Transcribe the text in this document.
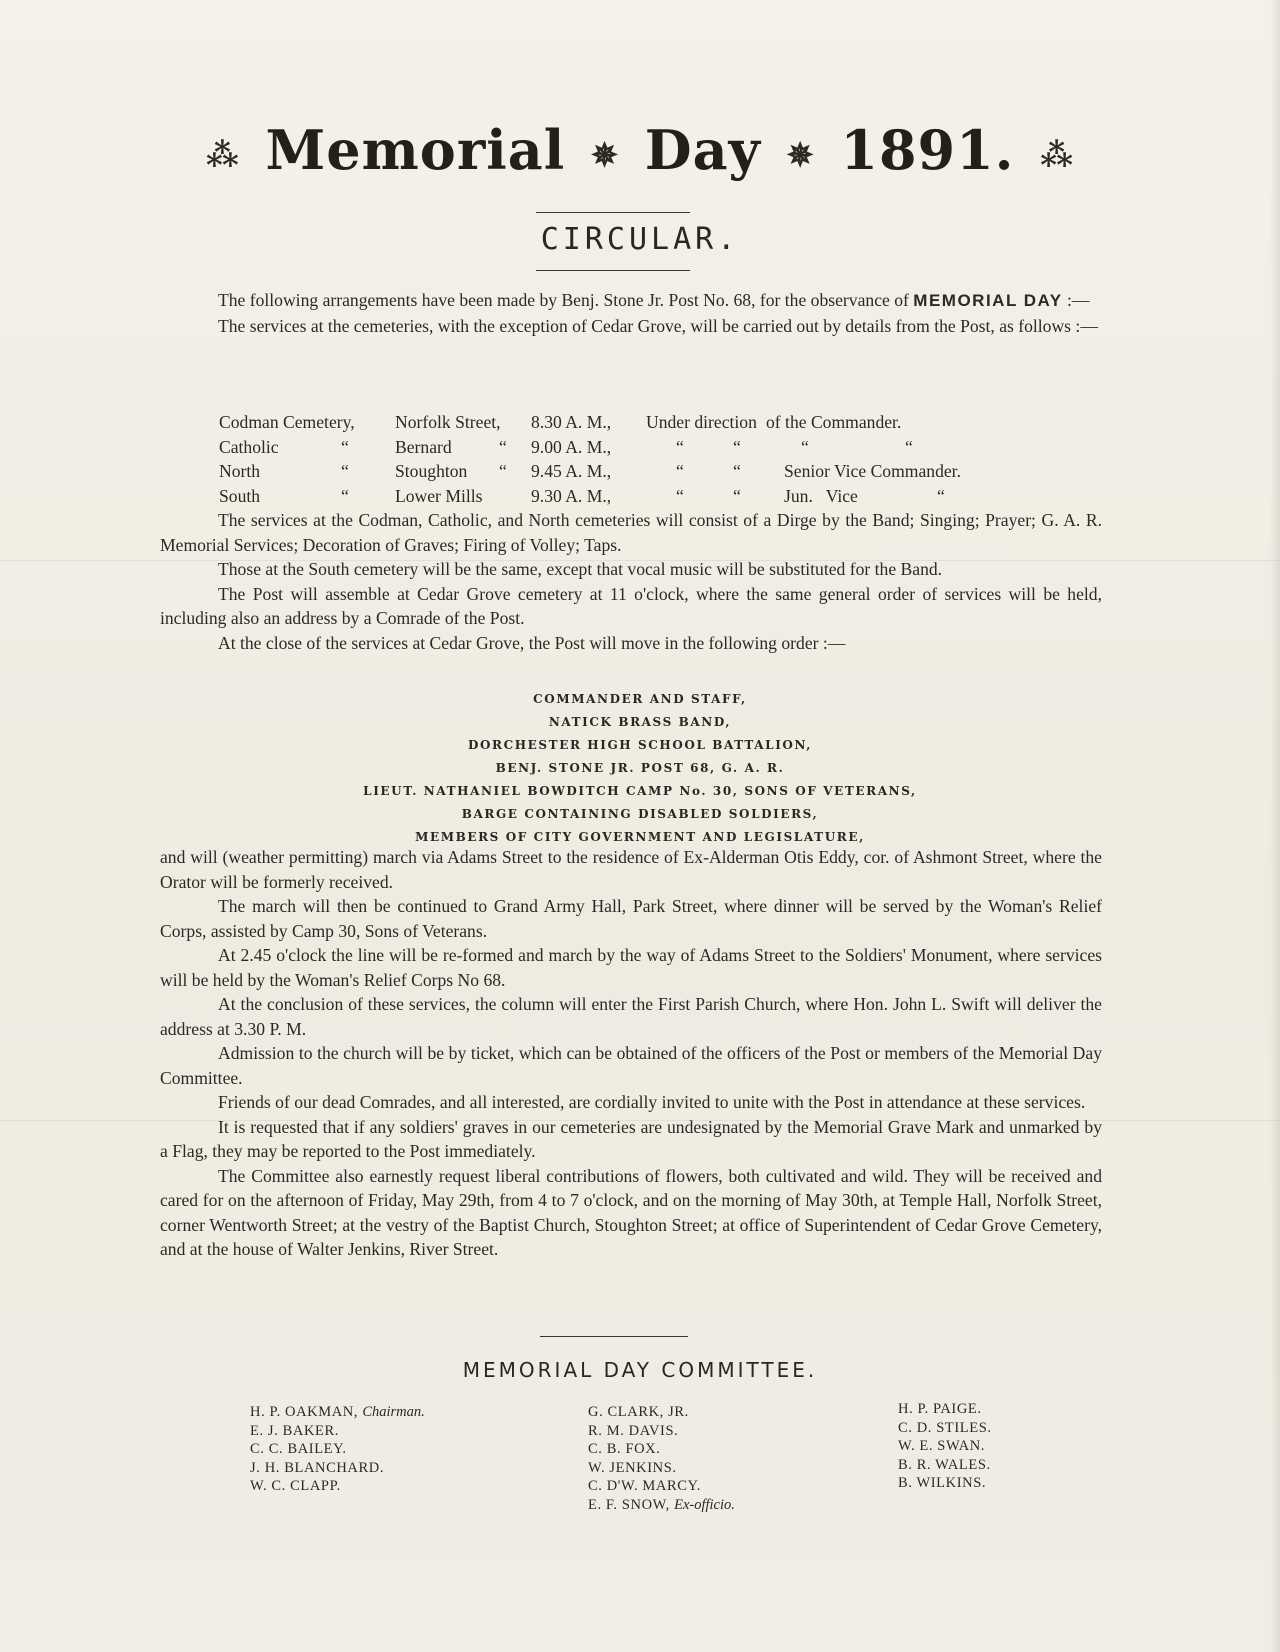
⁂ Memorial ✵ Day ✵ 1891. ⁂
CIRCULAR.

The following arrangements have been made by Benj. Stone Jr. Post No. 68, for the observance of MEMORIAL DAY :—

The services at the cemeteries, with the exception of Cedar Grove, will be carried out by details from the Post, as follows :—

Codman Cemetery, Norfolk Street, 8.30 A. M., Under direction of the Commander.
Catholic	“	Bernard	“ 9.00 A. M.,	“	“	“	“
North	“	Stoughton “ 9.45 A. M.,	“	“ Senior Vice Commander.
South	“	Lower Mills	9.30 A. M.,	“	“ Jun.   Vice	“

The services at the Codman, Catholic, and North cemeteries will consist of a Dirge by the Band; Singing; Prayer; G. A. R. Memorial Services; Decoration of Graves; Firing of Volley; Taps.

Those at the South cemetery will be the same, except that vocal music will be substituted for the Band.

The Post will assemble at Cedar Grove cemetery at 11 o'clock, where the same general order of services will be held, including also an address by a Comrade of the Post.

At the close of the services at Cedar Grove, the Post will move in the following order :—

COMMANDER AND STAFF,
NATICK BRASS BAND,
DORCHESTER HIGH SCHOOL BATTALION,
BENJ. STONE JR. POST 68, G. A. R.
LIEUT. NATHANIEL BOWDITCH CAMP No. 30, SONS OF VETERANS,
BARGE CONTAINING DISABLED SOLDIERS,
MEMBERS OF CITY GOVERNMENT AND LEGISLATURE,

and will (weather permitting) march via Adams Street to the residence of Ex-Alderman Otis Eddy, cor. of Ashmont Street, where the Orator will be formerly received.

The march will then be continued to Grand Army Hall, Park Street, where dinner will be served by the Woman's Relief Corps, assisted by Camp 30, Sons of Veterans.

At 2.45 o'clock the line will be re-formed and march by the way of Adams Street to the Soldiers' Monument, where services will be held by the Woman's Relief Corps No 68.

At the conclusion of these services, the column will enter the First Parish Church, where Hon. John L. Swift will deliver the address at 3.30 P. M.

Admission to the church will be by ticket, which can be obtained of the officers of the Post or members of the Memorial Day Committee.

Friends of our dead Comrades, and all interested, are cordially invited to unite with the Post in attendance at these services.

It is requested that if any soldiers' graves in our cemeteries are undesignated by the Memorial Grave Mark and unmarked by a Flag, they may be reported to the Post immediately.

The Committee also earnestly request liberal contributions of flowers, both cultivated and wild. They will be received and cared for on the afternoon of Friday, May 29th, from 4 to 7 o'clock, and on the morning of May 30th, at Temple Hall, Norfolk Street, corner Wentworth Street; at the vestry of the Baptist Church, Stoughton Street; at office of Superintendent of Cedar Grove Cemetery, and at the house of Walter Jenkins, River Street.

MEMORIAL DAY COMMITTEE.
H. P. OAKMAN, Chairman.
E. J. BAKER.
C. C. BAILEY.
J. H. BLANCHARD.
W. C. CLAPP.
G. CLARK, JR.
R. M. DAVIS.
C. B. FOX.
W. JENKINS.
C. D'W. MARCY.
E. F. SNOW, Ex-officio.
H. P. PAIGE.
C. D. STILES.
W. E. SWAN.
B. R. WALES.
B. WILKINS.
